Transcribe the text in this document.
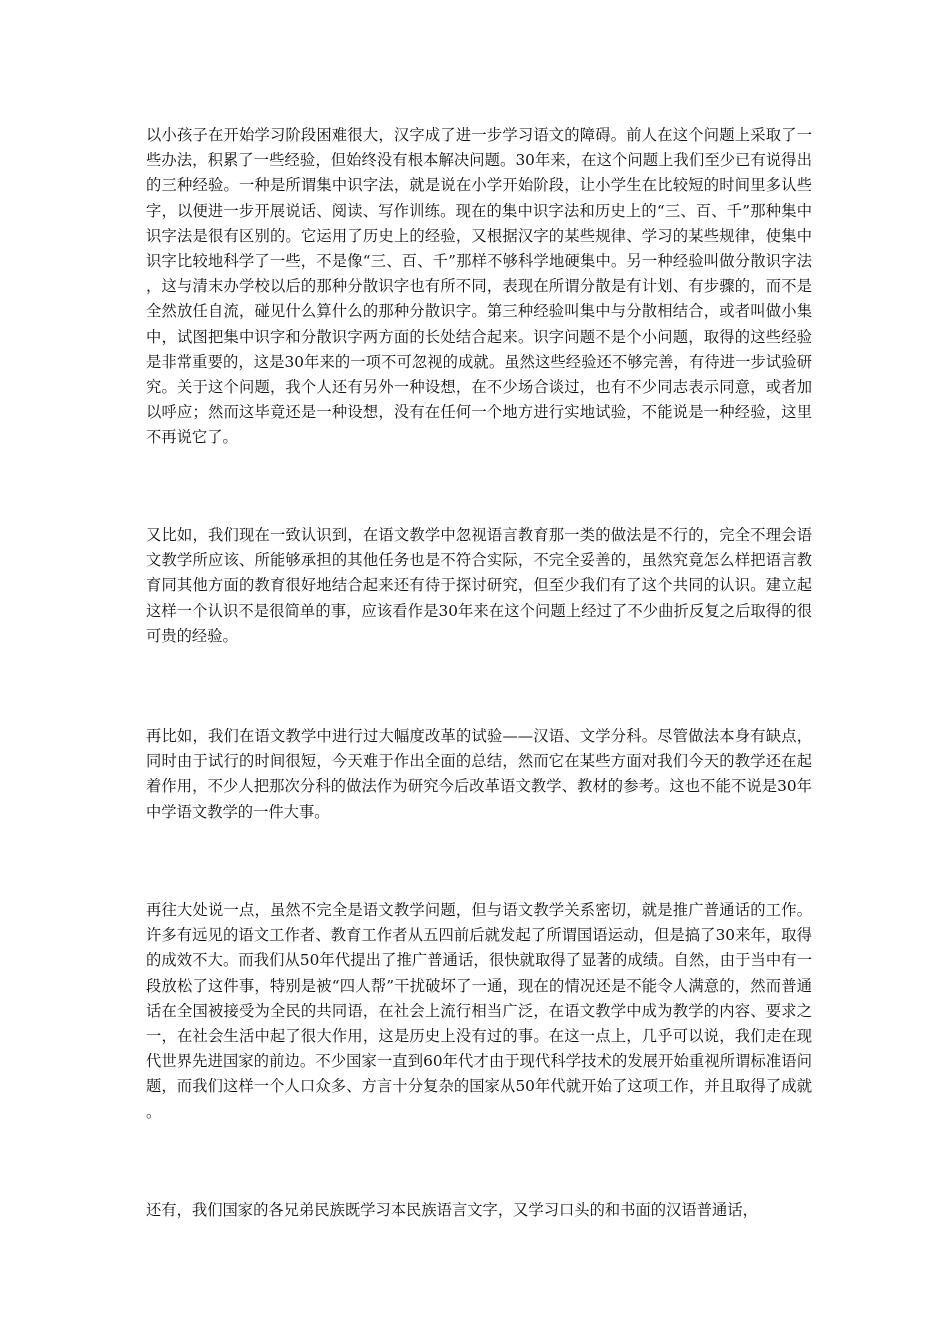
以小孩子在开始学习阶段困难很大，汉字成了进一步学习语文的障碍。前人在这个问题上采取了一些办法，积累了一些经验，但始终没有根本解决问题。30年来，在这个问题上我们至少已有说得出的三种经验。一种是所谓集中识字法，就是说在小学开始阶段，让小学生在比较短的时间里多认些字，以便进一步开展说话、阅读、写作训练。现在的集中识字法和历史上的“三、百、千”那种集中识字法是很有区别的。它运用了历史上的经验，又根据汉字的某些规律、学习的某些规律，使集中识字比较地科学了一些，不是像“三、百、千”那样不够科学地硬集中。另一种经验叫做分散识字法，这与清末办学校以后的那种分散识字也有所不同，表现在所谓分散是有计划、有步骤的，而不是全然放任自流，碰见什么算什么的那种分散识字。第三种经验叫集中与分散相结合，或者叫做小集中，试图把集中识字和分散识字两方面的长处结合起来。识字问题不是个小问题，取得的这些经验是非常重要的，这是30年来的一项不可忽视的成就。虽然这些经验还不够完善，有待进一步试验研究。关于这个问题，我个人还有另外一种设想，在不少场合谈过，也有不少同志表示同意，或者加以呼应；然而这毕竟还是一种设想，没有在任何一个地方进行实地试验，不能说是一种经验，这里不再说它了。

又比如，我们现在一致认识到，在语文教学中忽视语言教育那一类的做法是不行的，完全不理会语文教学所应该、所能够承担的其他任务也是不符合实际，不完全妥善的，虽然究竟怎么样把语言教育同其他方面的教育很好地结合起来还有待于探讨研究，但至少我们有了这个共同的认识。建立起这样一个认识不是很简单的事，应该看作是30年来在这个问题上经过了不少曲折反复之后取得的很可贵的经验。

再比如，我们在语文教学中进行过大幅度改革的试验——汉语、文学分科。尽管做法本身有缺点，同时由于试行的时间很短，今天难于作出全面的总结，然而它在某些方面对我们今天的教学还在起着作用，不少人把那次分科的做法作为研究今后改革语文教学、教材的参考。这也不能不说是30年中学语文教学的一件大事。

再往大处说一点，虽然不完全是语文教学问题，但与语文教学关系密切，就是推广普通话的工作。许多有远见的语文工作者、教育工作者从五四前后就发起了所谓国语运动，但是搞了30来年，取得的成效不大。而我们从50年代提出了推广普通话，很快就取得了显著的成绩。自然，由于当中有一段放松了这件事，特别是被“四人帮”干扰破坏了一通，现在的情况还是不能令人满意的，然而普通话在全国被接受为全民的共同语，在社会上流行相当广泛，在语文教学中成为教学的内容、要求之一，在社会生活中起了很大作用，这是历史上没有过的事。在这一点上，几乎可以说，我们走在现代世界先进国家的前边。不少国家一直到60年代才由于现代科学技术的发展开始重视所谓标准语问题，而我们这样一个人口众多、方言十分复杂的国家从50年代就开始了这项工作，并且取得了成就。

还有，我们国家的各兄弟民族既学习本民族语言文字，又学习口头的和书面的汉语普通话，
